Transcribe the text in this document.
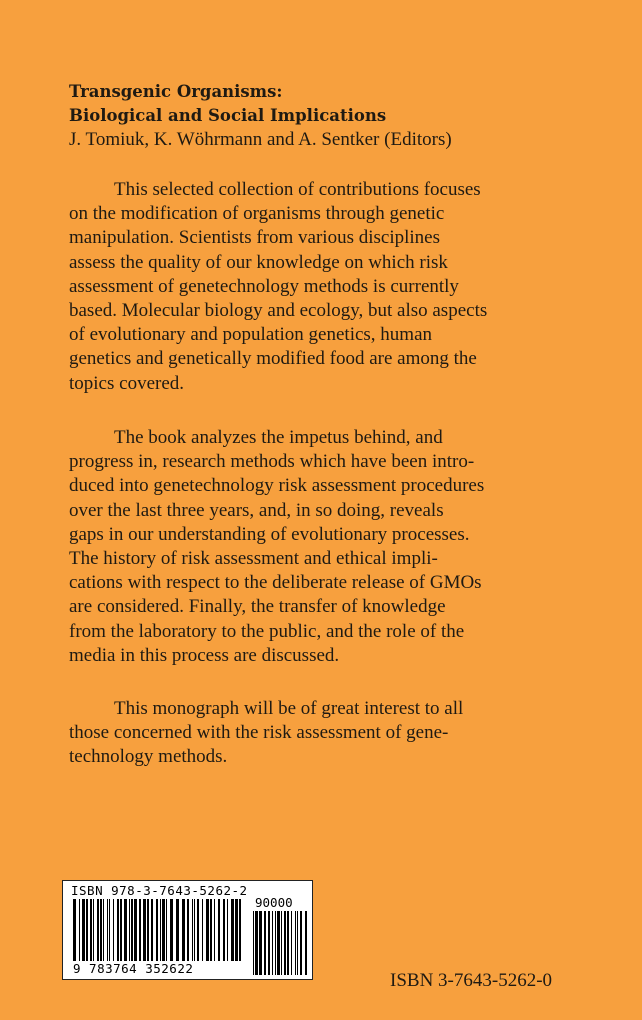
Transgenic Organisms:
Biological and Social Implications
J. Tomiuk, K. Wöhrmann and A. Sentker (Editors)
This selected collection of contributions focuses
on the modification of organisms through genetic
manipulation. Scientists from various disciplines
assess the quality of our knowledge on which risk
assessment of genetechnology methods is currently
based. Molecular biology and ecology, but also aspects
of evolutionary and population genetics, human
genetics and genetically modified food are among the
topics covered.
The book analyzes the impetus behind, and
progress in, research methods which have been intro-
duced into genetechnology risk assessment procedures
over the last three years, and, in so doing, reveals
gaps in our understanding of evolutionary processes.
The history of risk assessment and ethical impli-
cations with respect to the deliberate release of GMOs
are considered. Finally, the transfer of knowledge
from the laboratory to the public, and the role of the
media in this process are discussed.
This monograph will be of great interest to all
those concerned with the risk assessment of gene-
technology methods.
ISBN 978-3-7643-5262-2
90000
9 783764 352622
ISBN 3-7643-5262-0
